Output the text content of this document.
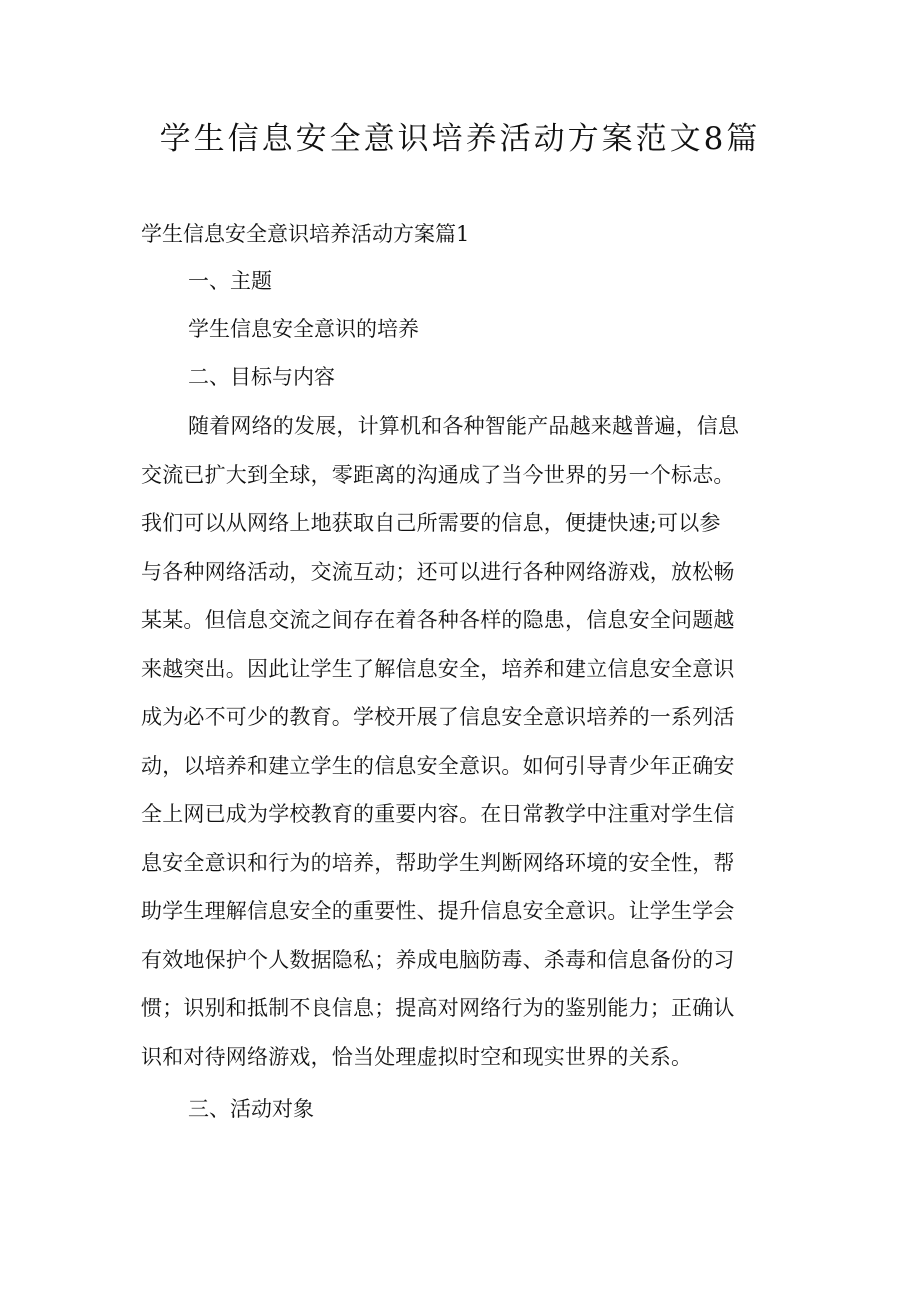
学生信息安全意识培养活动方案范文8篇
学生信息安全意识培养活动方案篇1

一、主题

学生信息安全意识的培养

二、目标与内容

随着网络的发展，计算机和各种智能产品越来越普遍，信息
交流已扩大到全球，零距离的沟通成了当今世界的另一个标志。
我们可以从网络上地获取自己所需要的信息，便捷快速;可以参
与各种网络活动，交流互动；还可以进行各种网络游戏，放松畅
某某。但信息交流之间存在着各种各样的隐患，信息安全问题越
来越突出。因此让学生了解信息安全，培养和建立信息安全意识
成为必不可少的教育。学校开展了信息安全意识培养的一系列活
动，以培养和建立学生的信息安全意识。如何引导青少年正确安
全上网已成为学校教育的重要内容。在日常教学中注重对学生信
息安全意识和行为的培养，帮助学生判断网络环境的安全性，帮
助学生理解信息安全的重要性、提升信息安全意识。让学生学会
有效地保护个人数据隐私；养成电脑防毒、杀毒和信息备份的习
惯；识别和抵制不良信息；提高对网络行为的鉴别能力；正确认
识和对待网络游戏，恰当处理虚拟时空和现实世界的关系。

三、活动对象
